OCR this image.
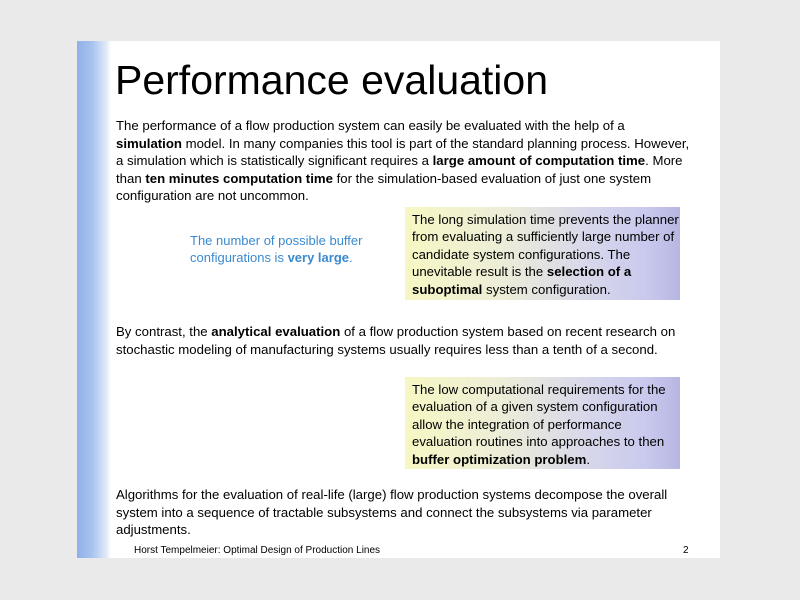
Performance evaluation

The performance of a flow production system can easily be evaluated with the help of a simulation model. In many companies this tool is part of the standard planning process. However, a simulation which is statistically significant requires a large amount of computation time. More than ten minutes computation time for the simulation-based evaluation of just one system configuration are not uncommon.

The number of possible buffer configurations is very large.
The long simulation time prevents the planner from evaluating a sufficiently large number of candidate system configurations. The unevitable result is the selection of a suboptimal system configuration.

By contrast, the analytical evaluation of a flow production system based on recent research on stochastic modeling of manufacturing systems usually requires less than a tenth of a second.

The low computational requirements for the evaluation of a given system configuration allow the integration of performance evaluation routines into approaches to then buffer optimization problem.

Algorithms for the evaluation of real-life (large) flow production systems decompose the overall system into a sequence of tractable subsystems and connect the subsystems via parameter adjustments.

Horst Tempelmeier: Optimal Design of Production Lines	2
